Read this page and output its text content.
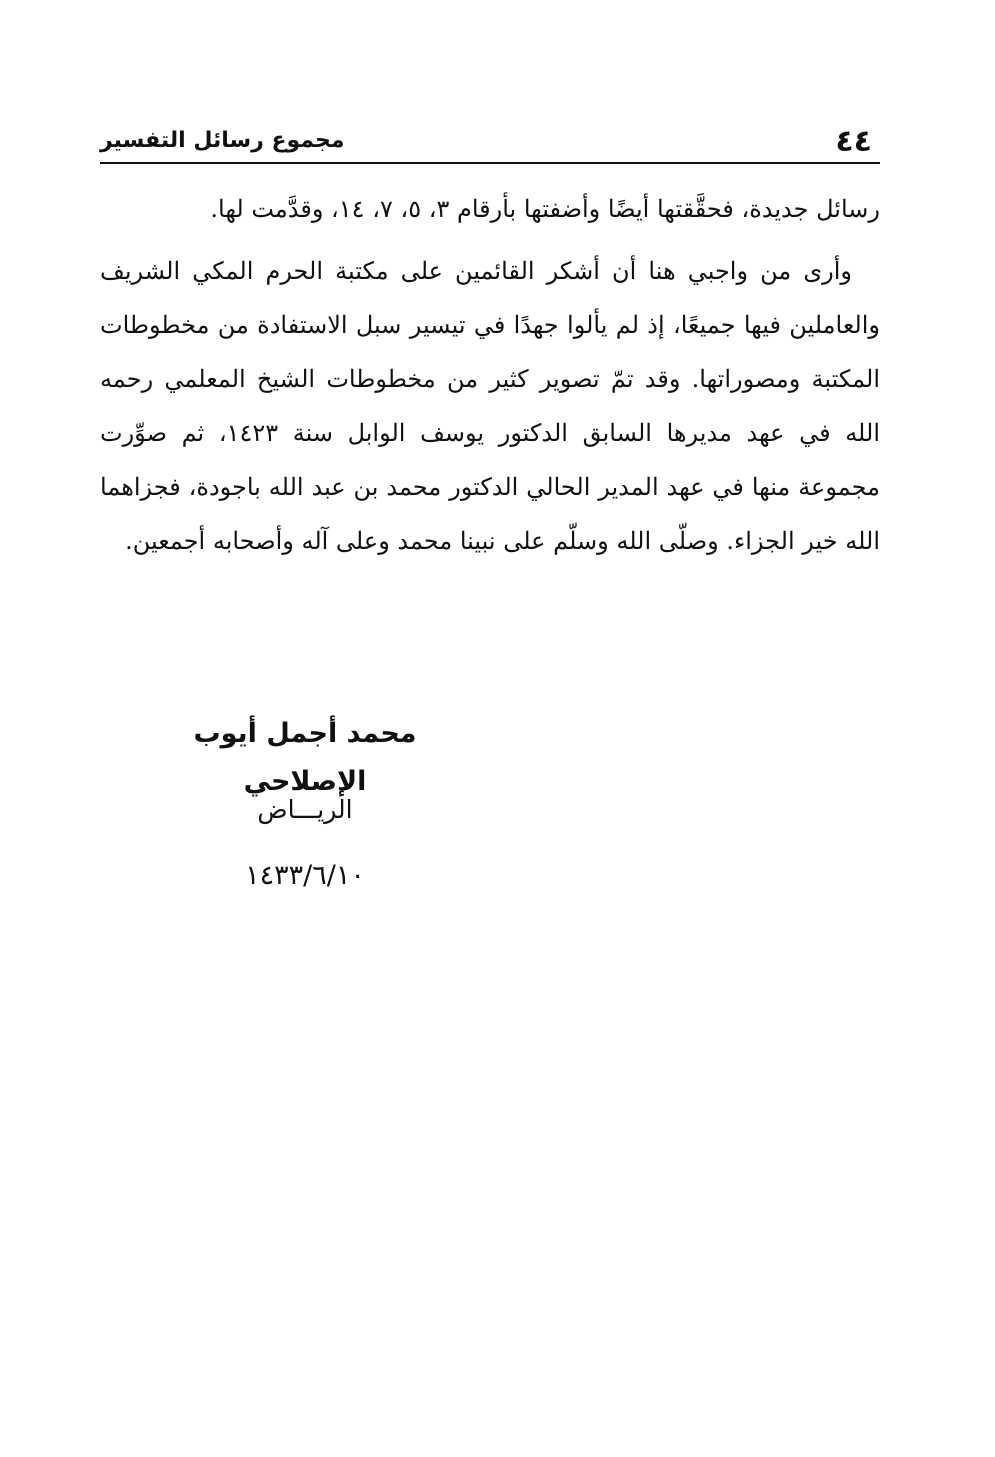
٤٤
مجموع رسائل التفسير

رسائل جديدة، فحقَّقتها أيضًا وأضفتها بأرقام ٣، ٥، ٧، ١٤، وقدَّمت لها.

وأرى من واجبي هنا أن أشكر القائمين على مكتبة الحرم المكي الشريف والعاملين فيها جميعًا، إذ لم يألوا جهدًا في تيسير سبل الاستفادة من مخطوطات المكتبة ومصوراتها. وقد تمّ تصوير كثير من مخطوطات الشيخ المعلمي رحمه الله في عهد مديرها السابق الدكتور يوسف الوابل سنة ١٤٢٣، ثم صوِّرت مجموعة منها في عهد المدير الحالي الدكتور محمد بن عبد الله باجودة، فجزاهما الله خير الجزاء. وصلّى الله وسلّم على نبينا محمد وعلى آله وأصحابه أجمعين.

محمد أجمل أيوب الإصلاحي
الريـــاض
١٤٣٣/٦/١٠
